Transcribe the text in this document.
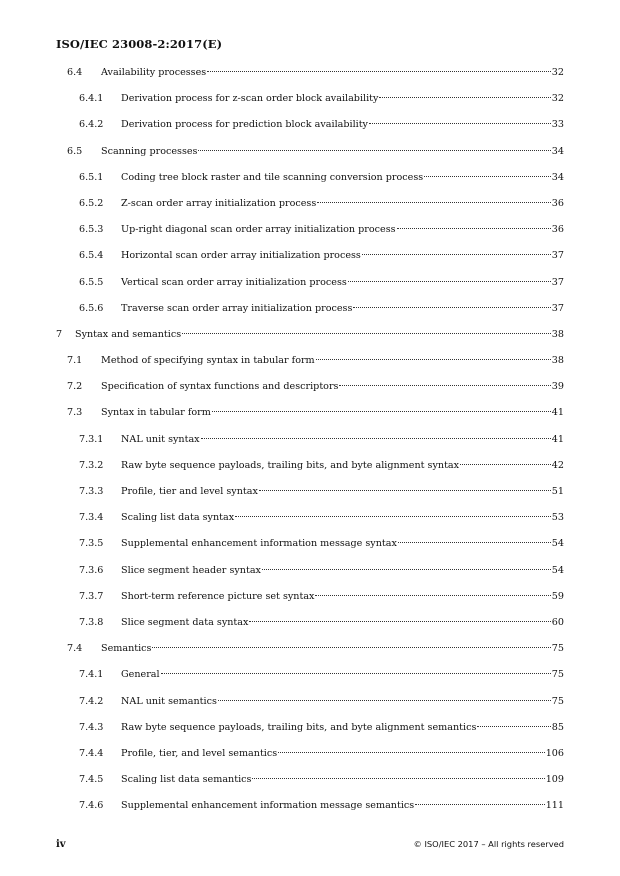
ISO/IEC 23008-2:2017(E)
6.4 Availability processes	32
6.4.1 Derivation process for z-scan order block availability	32
6.4.2 Derivation process for prediction block availability	33
6.5 Scanning processes	34
6.5.1 Coding tree block raster and tile scanning conversion process	34
6.5.2 Z-scan order array initialization process	36
6.5.3 Up-right diagonal scan order array initialization process	36
6.5.4 Horizontal scan order array initialization process	37
6.5.5 Vertical scan order array initialization process	37
6.5.6 Traverse scan order array initialization process	37
7 Syntax and semantics	38
7.1 Method of specifying syntax in tabular form	38
7.2 Specification of syntax functions and descriptors	39
7.3 Syntax in tabular form	41
7.3.1 NAL unit syntax	41
7.3.2 Raw byte sequence payloads, trailing bits, and byte alignment syntax	42
7.3.3 Profile, tier and level syntax	51
7.3.4 Scaling list data syntax	53
7.3.5 Supplemental enhancement information message syntax	54
7.3.6 Slice segment header syntax	54
7.3.7 Short-term reference picture set syntax	59
7.3.8 Slice segment data syntax	60
7.4 Semantics	75
7.4.1 General	75
7.4.2 NAL unit semantics	75
7.4.3 Raw byte sequence payloads, trailing bits, and byte alignment semantics	85
7.4.4 Profile, tier, and level semantics	106
7.4.5 Scaling list data semantics	109
7.4.6 Supplemental enhancement information message semantics	111
iv	© ISO/IEC 2017 – All rights reserved
